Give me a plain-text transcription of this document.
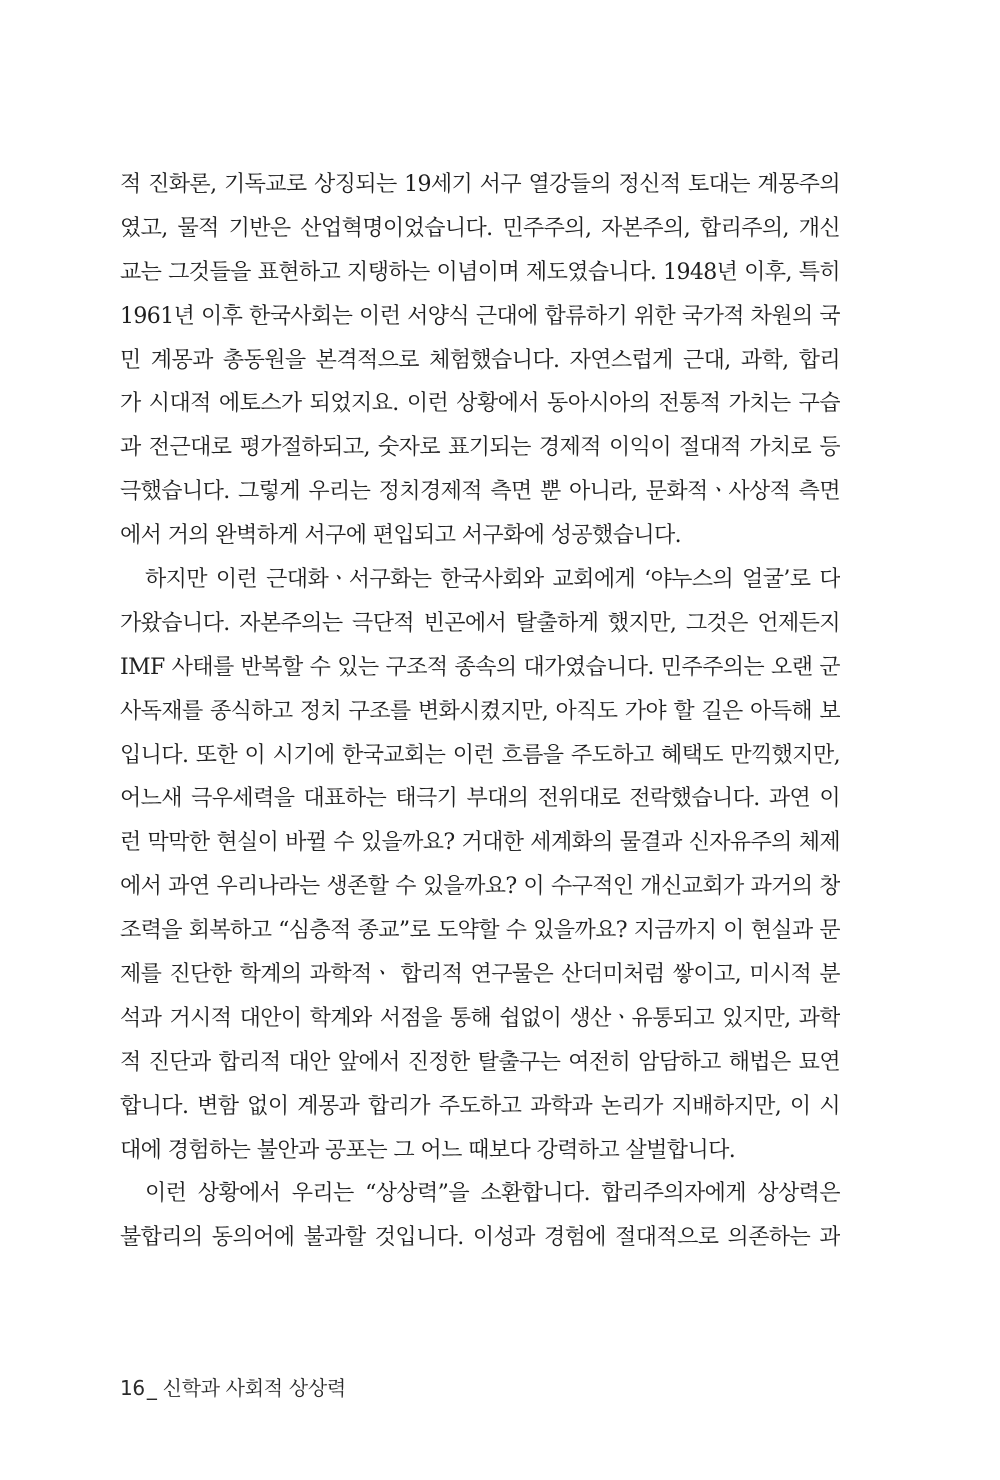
적 진화론, 기독교로 상징되는 19세기 서구 열강들의 정신적 토대는 계몽주의
였고, 물적 기반은 산업혁명이었습니다. 민주주의, 자본주의, 합리주의, 개신
교는 그것들을 표현하고 지탱하는 이념이며 제도였습니다. 1948년 이후, 특히
1961년 이후 한국사회는 이런 서양식 근대에 합류하기 위한 국가적 차원의 국
민 계몽과 총동원을 본격적으로 체험했습니다. 자연스럽게 근대, 과학, 합리
가 시대적 에토스가 되었지요. 이런 상황에서 동아시아의 전통적 가치는 구습
과 전근대로 평가절하되고, 숫자로 표기되는 경제적 이익이 절대적 가치로 등
극했습니다. 그렇게 우리는 정치경제적 측면 뿐 아니라, 문화적ㆍ사상적 측면
에서 거의 완벽하게 서구에 편입되고 서구화에 성공했습니다.
하지만 이런 근대화ㆍ서구화는 한국사회와 교회에게 ‘야누스의 얼굴’로 다
가왔습니다. 자본주의는 극단적 빈곤에서 탈출하게 했지만, 그것은 언제든지
IMF 사태를 반복할 수 있는 구조적 종속의 대가였습니다. 민주주의는 오랜 군
사독재를 종식하고 정치 구조를 변화시켰지만, 아직도 가야 할 길은 아득해 보
입니다. 또한 이 시기에 한국교회는 이런 흐름을 주도하고 혜택도 만끽했지만,
어느새 극우세력을 대표하는 태극기 부대의 전위대로 전락했습니다. 과연 이
런 막막한 현실이 바뀔 수 있을까요? 거대한 세계화의 물결과 신자유주의 체제
에서 과연 우리나라는 생존할 수 있을까요? 이 수구적인 개신교회가 과거의 창
조력을 회복하고 “심층적 종교”로 도약할 수 있을까요? 지금까지 이 현실과 문
제를 진단한 학계의 과학적ㆍ 합리적 연구물은 산더미처럼 쌓이고, 미시적 분
석과 거시적 대안이 학계와 서점을 통해 쉽없이 생산ㆍ유통되고 있지만, 과학
적 진단과 합리적 대안 앞에서 진정한 탈출구는 여전히 암담하고 해법은 묘연
합니다. 변함 없이 계몽과 합리가 주도하고 과학과 논리가 지배하지만, 이 시
대에 경험하는 불안과 공포는 그 어느 때보다 강력하고 살벌합니다.
이런 상황에서 우리는 “상상력”을 소환합니다. 합리주의자에게 상상력은
불합리의 동의어에 불과할 것입니다. 이성과 경험에 절대적으로 의존하는 과
16 _ 신학과 사회적 상상력
